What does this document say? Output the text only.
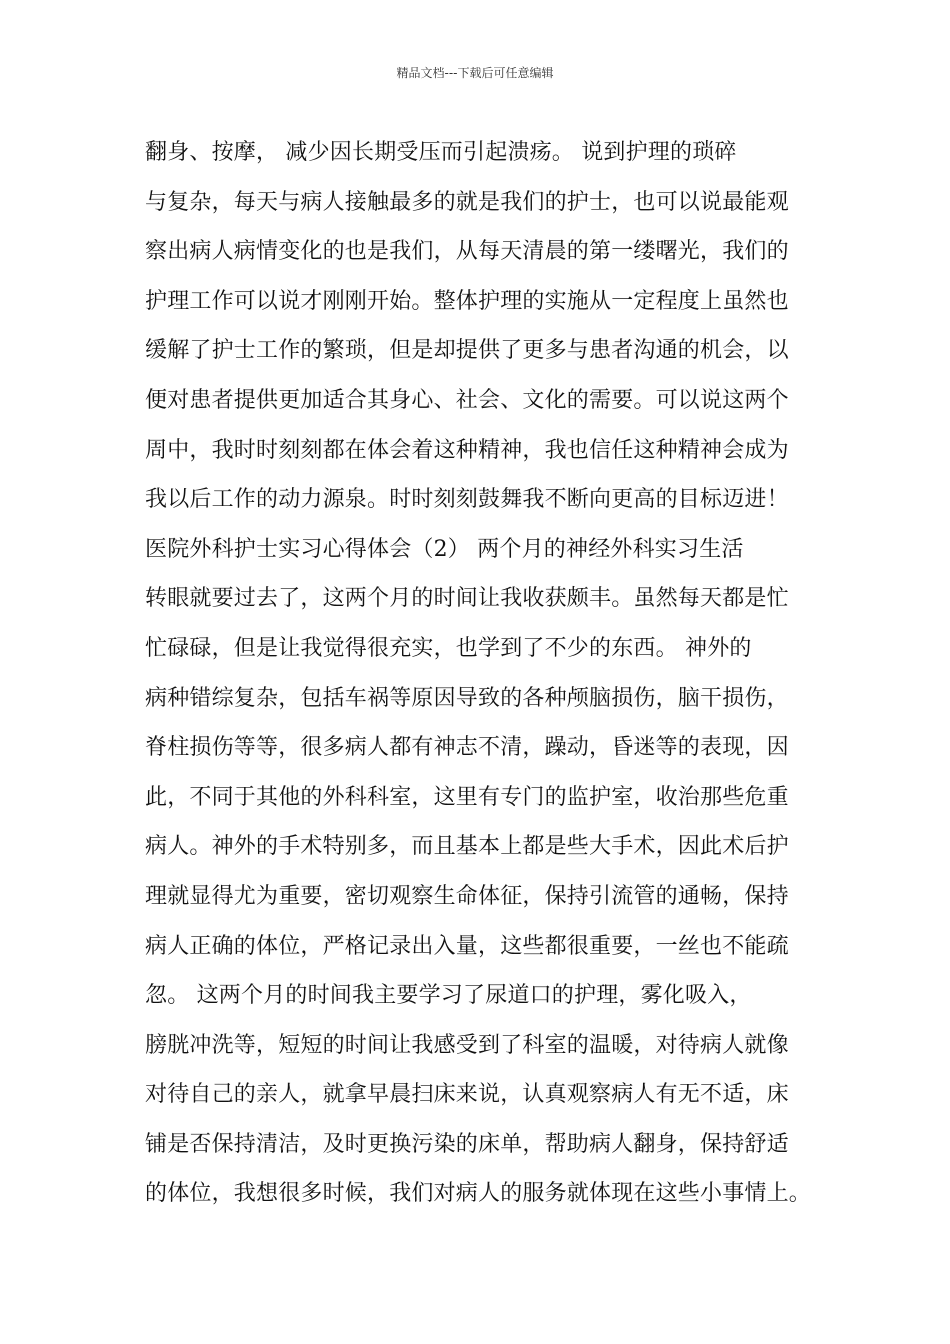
精品文档---下载后可任意编辑
翻身、按摩， 减少因长期受压而引起溃疡。 说到护理的琐碎
与复杂，每天与病人接触最多的就是我们的护士，也可以说最能观
察出病人病情变化的也是我们，从每天清晨的第一缕曙光，我们的
护理工作可以说才刚刚开始。整体护理的实施从一定程度上虽然也
缓解了护士工作的繁琐，但是却提供了更多与患者沟通的机会，以
便对患者提供更加适合其身心、社会、文化的需要。可以说这两个
周中，我时时刻刻都在体会着这种精神，我也信任这种精神会成为
我以后工作的动力源泉。时时刻刻鼓舞我不断向更高的目标迈进！
医院外科护士实习心得体会（2） 两个月的神经外科实习生活
转眼就要过去了，这两个月的时间让我收获颇丰。虽然每天都是忙
忙碌碌，但是让我觉得很充实，也学到了不少的东西。 神外的
病种错综复杂，包括车祸等原因导致的各种颅脑损伤，脑干损伤，
脊柱损伤等等，很多病人都有神志不清，躁动，昏迷等的表现，因
此，不同于其他的外科科室，这里有专门的监护室，收治那些危重
病人。神外的手术特别多，而且基本上都是些大手术，因此术后护
理就显得尤为重要，密切观察生命体征，保持引流管的通畅，保持
病人正确的体位，严格记录出入量，这些都很重要，一丝也不能疏
忽。 这两个月的时间我主要学习了尿道口的护理，雾化吸入，
膀胱冲洗等，短短的时间让我感受到了科室的温暖，对待病人就像
对待自己的亲人，就拿早晨扫床来说，认真观察病人有无不适，床
铺是否保持清洁，及时更换污染的床单，帮助病人翻身，保持舒适
的体位，我想很多时候，我们对病人的服务就体现在这些小事情上。
